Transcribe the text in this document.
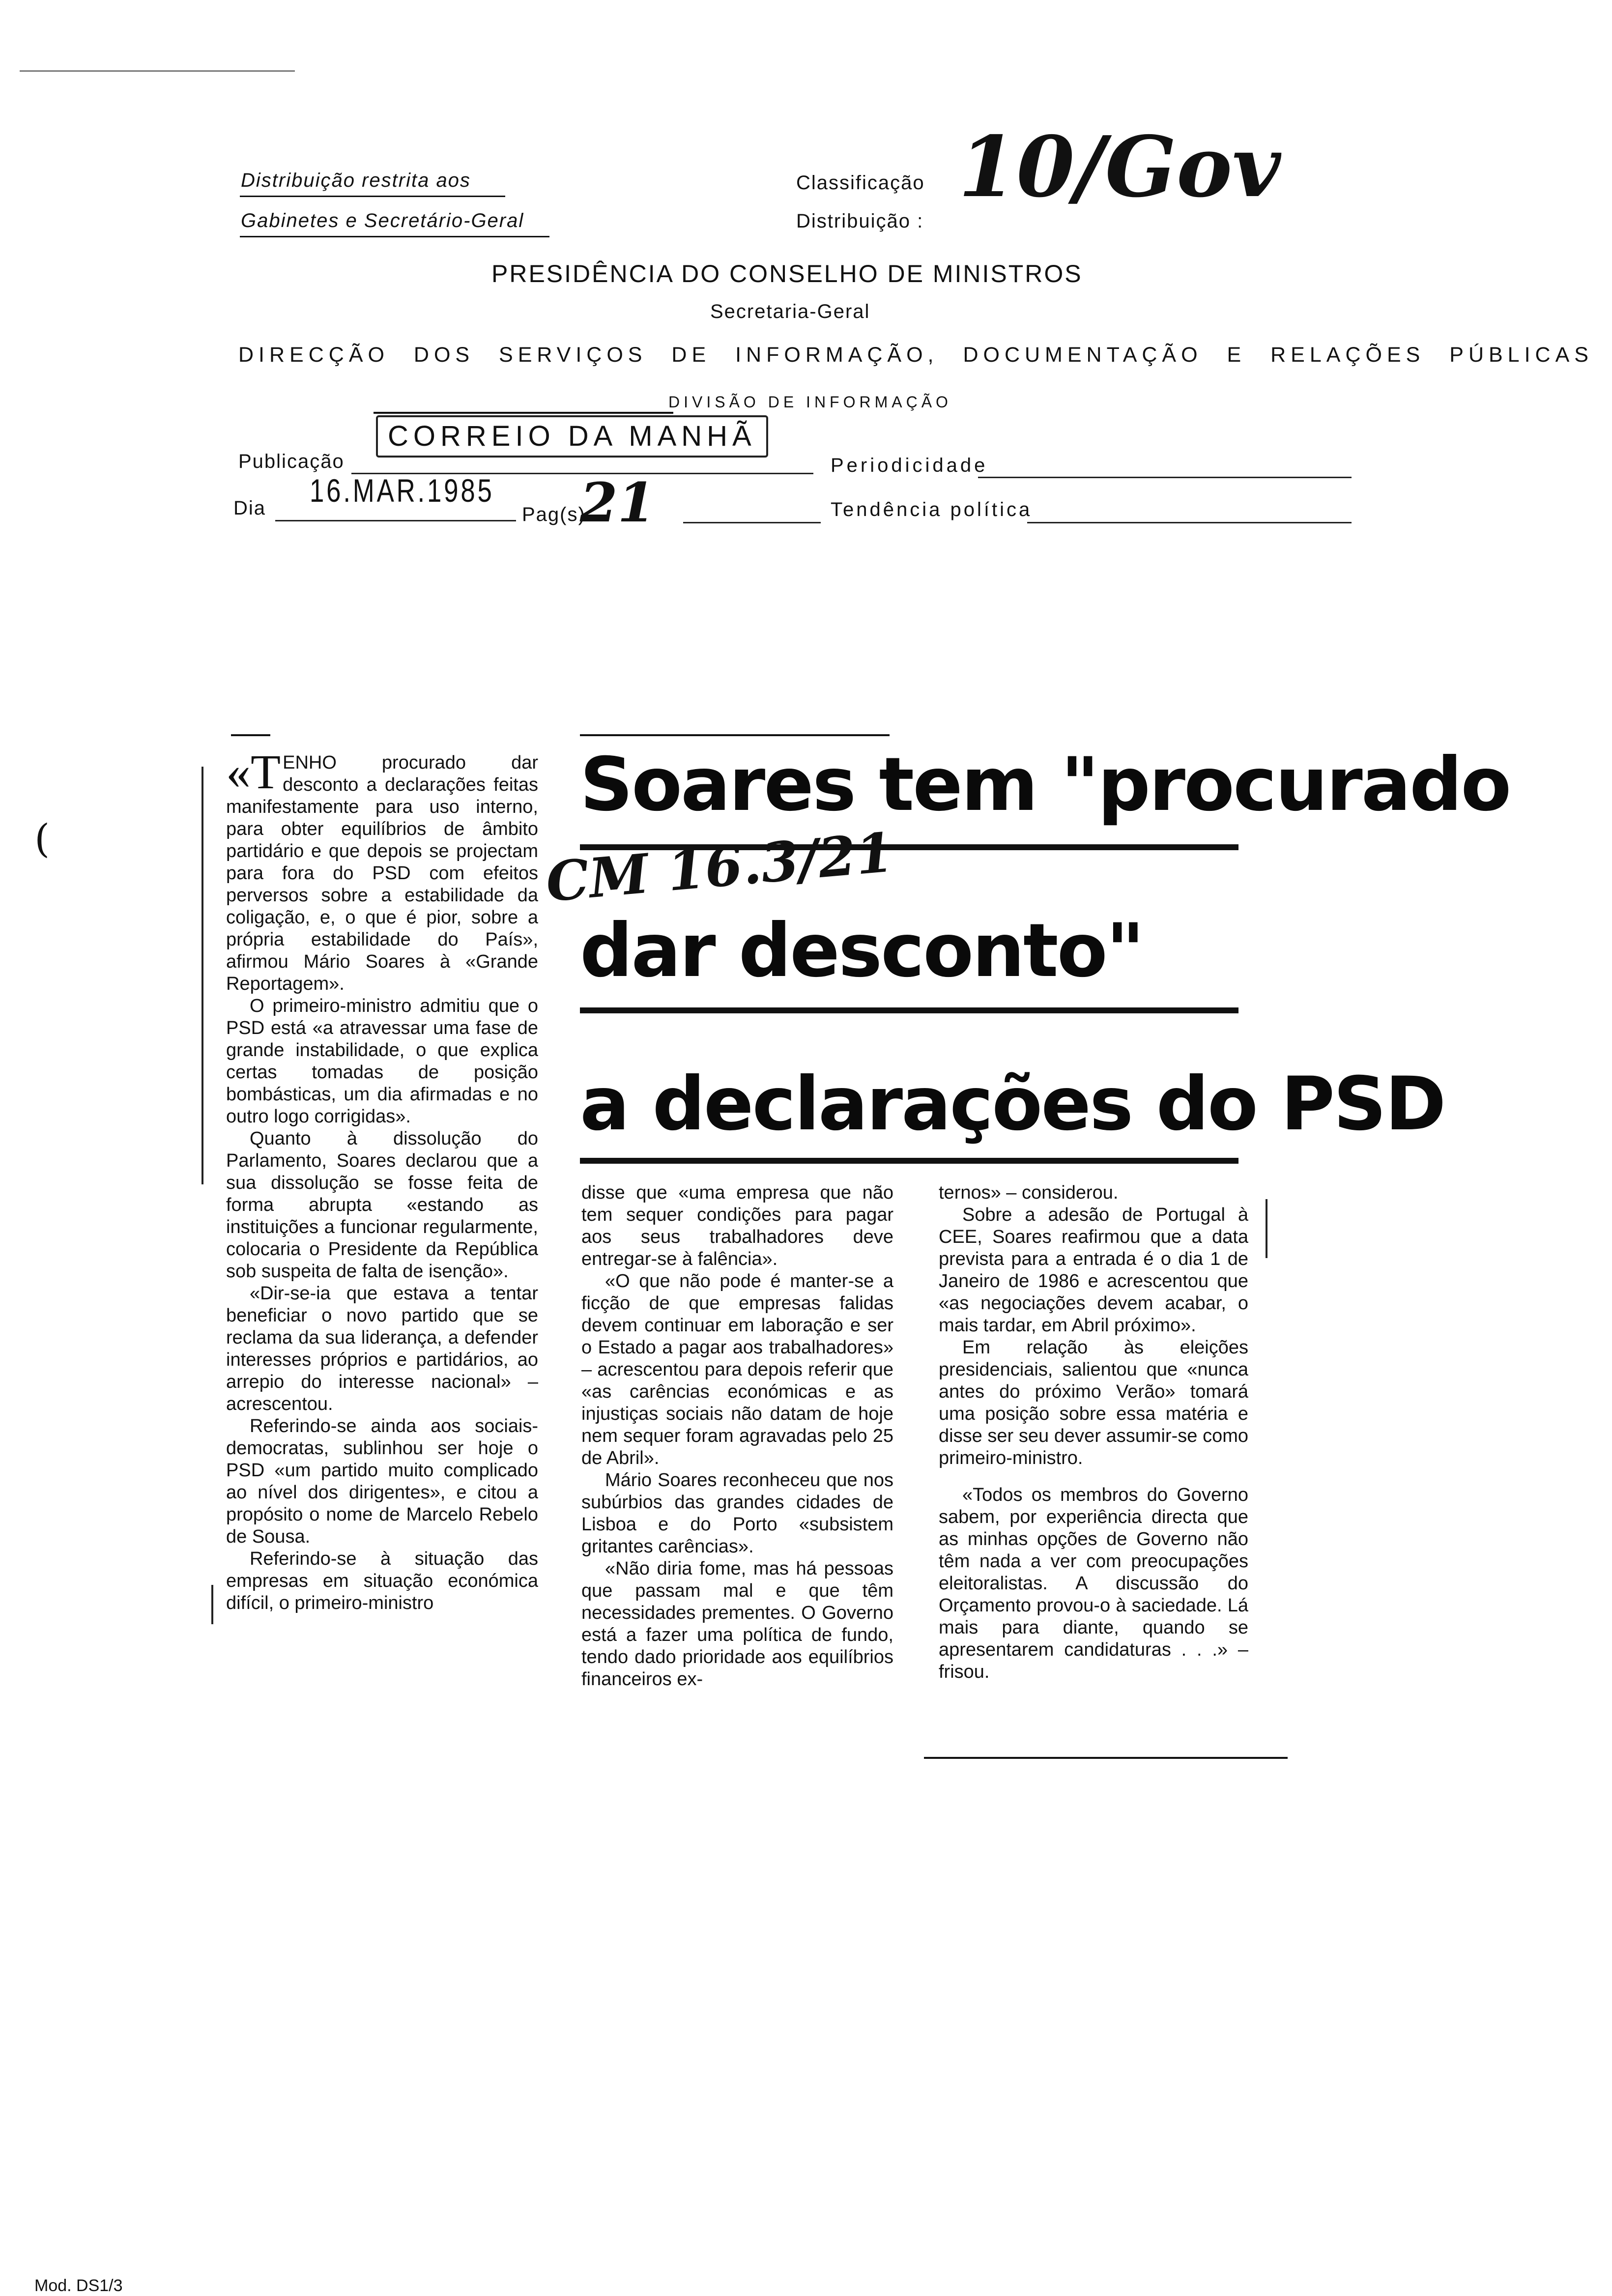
Distribuição restrita aos
Gabinetes e Secretário-Geral
Classificação
Distribuição :
10/Gov
PRESIDÊNCIA DO CONSELHO DE MINISTROS
Secretaria-Geral
DIRECÇÃO DOS SERVIÇOS DE INFORMAÇÃO, DOCUMENTAÇÃO E RELAÇÕES PÚBLICAS
DIVISÃO DE INFORMAÇÃO
Publicação
CORREIO DA MANHÃ
Periodicidade
Dia 16.MAR.1985
Pag(s)
21	Tendência política
(
Soares tem "procurado
dar desconto"
a declarações do PSD
CM 16.3/21

«TENHO procurado dar desconto a declarações feitas manifestamente para uso interno, para obter equilíbrios de âmbito partidário e que depois se projectam para fora do PSD com efeitos perversos sobre a estabilidade da coligação, e, o que é pior, sobre a própria estabilidade do País», afirmou Mário Soares à «Grande Reportagem».

O primeiro-ministro admitiu que o PSD está «a atravessar uma fase de grande instabilidade, o que explica certas tomadas de posição bombásticas, um dia afirmadas e no outro logo corrigidas».

Quanto à dissolução do Parlamento, Soares declarou que a sua dissolução se fosse feita de forma abrupta «estando as instituições a funcionar regularmente, colocaria o Presidente da República sob suspeita de falta de isenção».

«Dir-se-ia que estava a tentar beneficiar o novo partido que se reclama da sua liderança, a defender interesses próprios e partidários, ao arrepio do interesse nacional» – acrescentou.

Referindo-se ainda aos sociais-democratas, sublinhou ser hoje o PSD «um partido muito complicado ao nível dos dirigentes», e citou a propósito o nome de Marcelo Rebelo de Sousa.

Referindo-se à situação das empresas em situação económica difícil, o primeiro-ministro

disse que «uma empresa que não tem sequer condições para pagar aos seus trabalhadores deve entregar-se à falência».

«O que não pode é manter-se a ficção de que empresas falidas devem continuar em laboração e ser o Estado a pagar aos trabalhadores» – acrescentou para depois referir que «as carências económicas e as injustiças sociais não datam de hoje nem sequer foram agravadas pelo 25 de Abril».

Mário Soares reconheceu que nos subúrbios das grandes cidades de Lisboa e do Porto «subsistem gritantes carências».

«Não diria fome, mas há pessoas que passam mal e que têm necessidades prementes. O Governo está a fazer uma política de fundo, tendo dado prioridade aos equilíbrios financeiros ex-

ternos» – considerou.

Sobre a adesão de Portugal à CEE, Soares reafirmou que a data prevista para a entrada é o dia 1 de Janeiro de 1986 e acrescentou que «as negociações devem acabar, o mais tardar, em Abril próximo».

Em relação às eleições presidenciais, salientou que «nunca antes do próximo Verão» tomará uma posição sobre essa matéria e disse ser seu dever assumir-se como primeiro-ministro.

«Todos os membros do Governo sabem, por experiência directa que as minhas opções de Governo não têm nada a ver com preocupações eleitoralistas. A discussão do Orçamento provou-o à saciedade. Lá mais para diante, quando se apresentarem candidaturas . . .» – frisou.

Mod. DS1/3
